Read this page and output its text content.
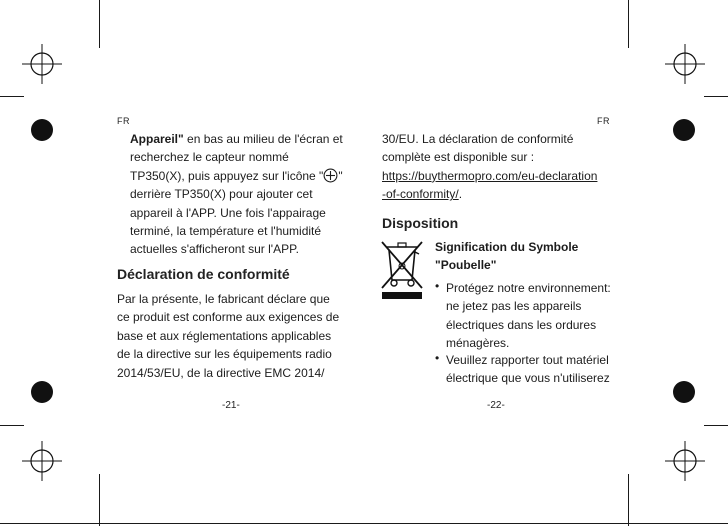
FR
Appareil" en bas au milieu de l'écran et
recherchez le capteur nommé
TP350(X), puis appuyez sur l'icône " "
derrière TP350(X) pour ajouter cet
appareil à l'APP. Une fois l'appairage
terminé, la température et l'humidité
actuelles s'afficheront sur l'APP.
Déclaration de conformité
Par la présente, le fabricant déclare que
ce produit est conforme aux exigences de
base et aux réglementations applicables
de la directive sur les équipements radio
2014/53/EU, de la directive EMC 2014/
-21-
FR
30/EU. La déclaration de conformité
complète est disponible sur :
https://buythermopro.com/eu-declaration
-of-conformity/.
Disposition
Signification du Symbole
"Poubelle"
• Protégez notre environnement:
ne jetez pas les appareils
électriques dans les ordures
ménagères.
• Veuillez rapporter tout matériel
électrique que vous n'utiliserez
-22-
